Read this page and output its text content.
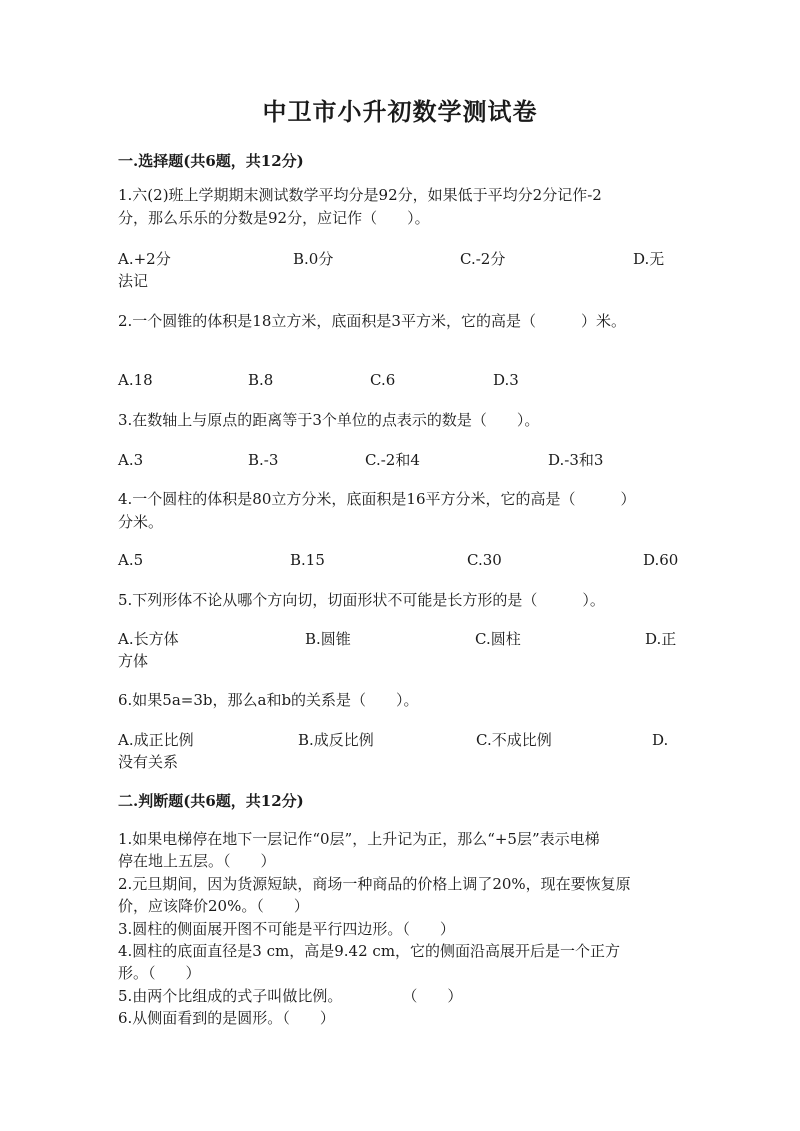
中卫市小升初数学测试卷
一.选择题(共6题，共12分)
1.六(2)班上学期期末测试数学平均分是92分，如果低于平均分2分记作-2
分，那么乐乐的分数是92分，应记作（　　）。
A.+2分	B.0分	C.-2分	D.无
法记
2.一个圆锥的体积是18立方米，底面积是3平方米，它的高是（　　　）米。
A.18	B.8	C.6	D.3
3.在数轴上与原点的距离等于3个单位的点表示的数是（　　）。
A.3	B.-3	C.-2和4	D.-3和3
4.一个圆柱的体积是80立方分米，底面积是16平方分米，它的高是（　　　）
分米。
A.5	B.15	C.30	D.60
5.下列形体不论从哪个方向切，切面形状不可能是长方形的是（　　　）。
A.长方体	B.圆锥	C.圆柱	D.正
方体
6.如果5a=3b，那么a和b的关系是（　　）。
A.成正比例	B.成反比例	C.不成比例	D.
没有关系
二.判断题(共6题，共12分)
1.如果电梯停在地下一层记作“0层”，上升记为正，那么“+5层”表示电梯
停在地上五层。（　　）
2.元旦期间，因为货源短缺，商场一种商品的价格上调了20%，现在要恢复原
价，应该降价20%。（　　）
3.圆柱的侧面展开图不可能是平行四边形。（　　）
4.圆柱的底面直径是3 cm，高是9.42 cm，它的侧面沿高展开后是一个正方
形。（　　）
5.由两个比组成的式子叫做比例。　　　　　（　　）
6.从侧面看到的是圆形。（　　）
